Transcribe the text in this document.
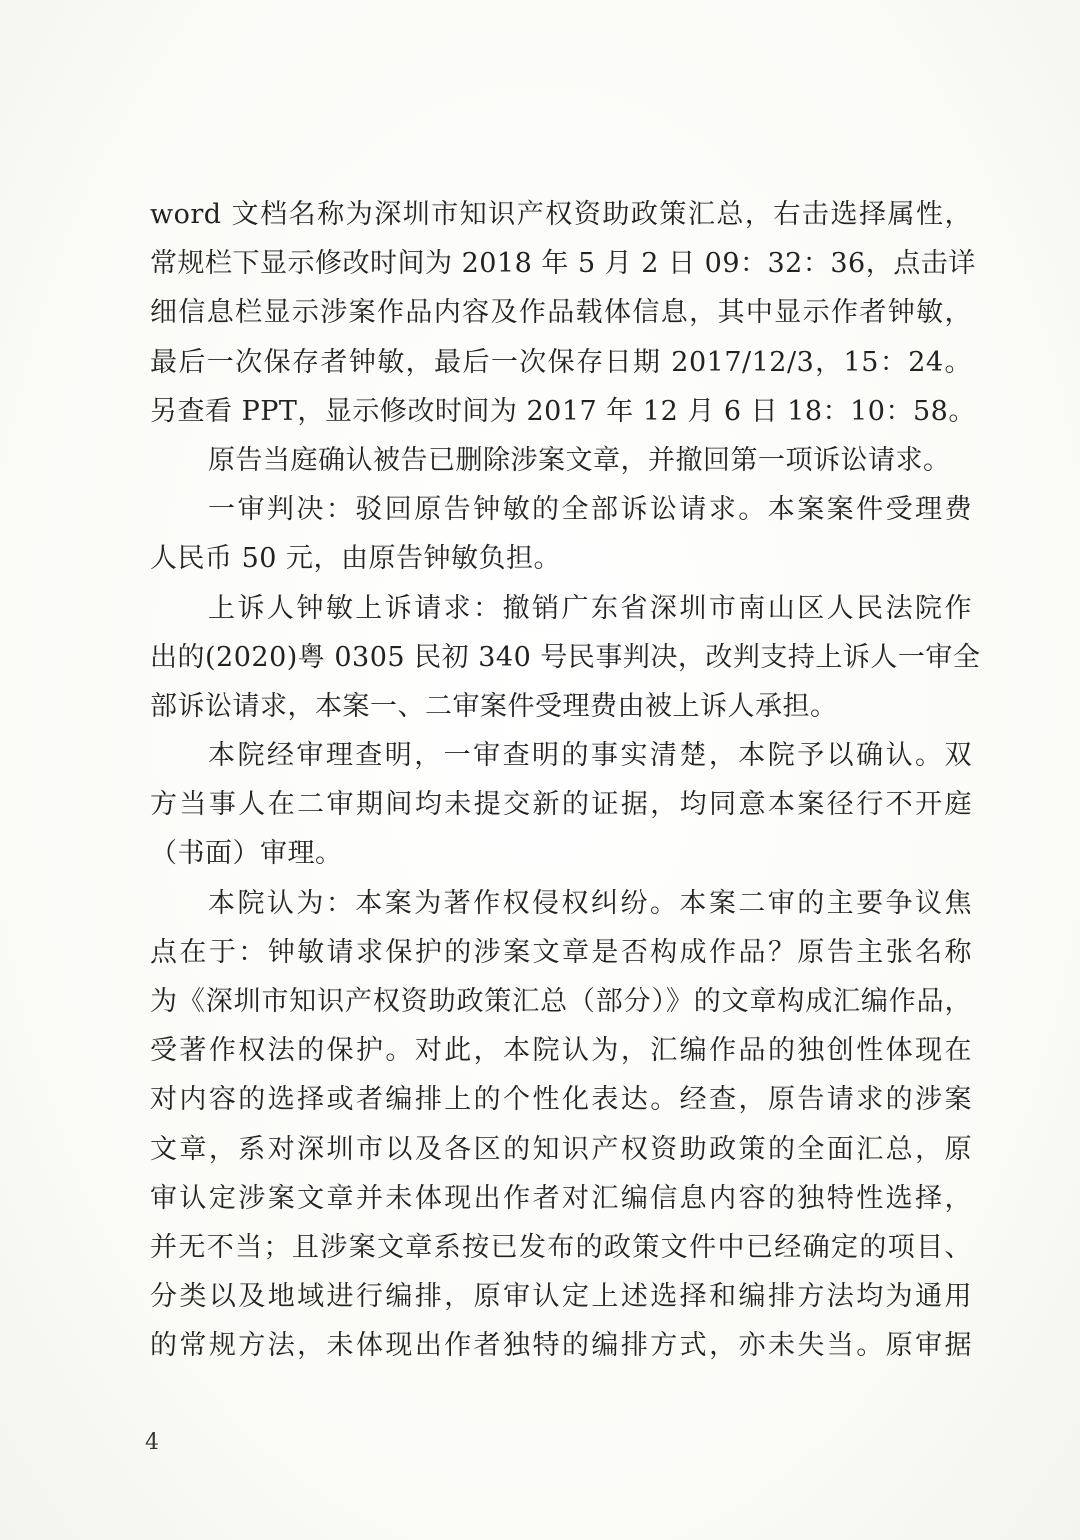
word 文档名称为深圳市知识产权资助政策汇总，右击选择属性，
常规栏下显示修改时间为 2018 年 5 月 2 日 09：32：36，点击详
细信息栏显示涉案作品内容及作品载体信息，其中显示作者钟敏，
最后一次保存者钟敏，最后一次保存日期 2017/12/3，15：24。
另查看 PPT，显示修改时间为 2017 年 12 月 6 日 18：10：58。
原告当庭确认被告已删除涉案文章，并撤回第一项诉讼请求。
一审判决：驳回原告钟敏的全部诉讼请求。本案案件受理费
人民币 50 元，由原告钟敏负担。
上诉人钟敏上诉请求：撤销广东省深圳市南山区人民法院作
出的(2020)粤 0305 民初 340 号民事判决，改判支持上诉人一审全
部诉讼请求，本案一、二审案件受理费由被上诉人承担。
本院经审理查明，一审查明的事实清楚，本院予以确认。双
方当事人在二审期间均未提交新的证据，均同意本案径行不开庭
（书面）审理。
本院认为：本案为著作权侵权纠纷。本案二审的主要争议焦
点在于：钟敏请求保护的涉案文章是否构成作品？原告主张名称
为《深圳市知识产权资助政策汇总（部分）》的文章构成汇编作品，
受著作权法的保护。对此，本院认为，汇编作品的独创性体现在
对内容的选择或者编排上的个性化表达。经查，原告请求的涉案
文章，系对深圳市以及各区的知识产权资助政策的全面汇总，原
审认定涉案文章并未体现出作者对汇编信息内容的独特性选择，
并无不当；且涉案文章系按已发布的政策文件中已经确定的项目、
分类以及地域进行编排，原审认定上述选择和编排方法均为通用
的常规方法，未体现出作者独特的编排方式，亦未失当。原审据
4
